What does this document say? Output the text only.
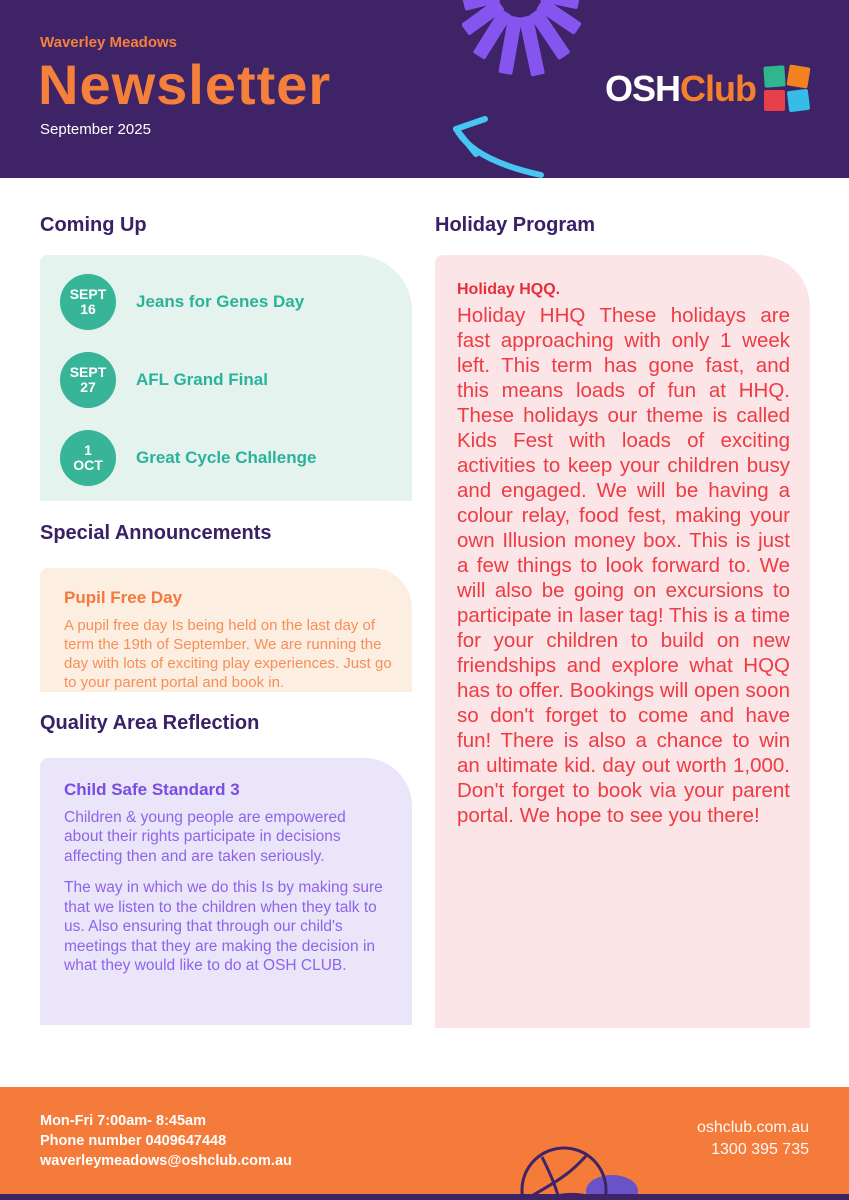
Waverley Meadows
Newsletter
September 2025
OSHClub
Coming Up
SEPT
16 Jeans for Genes Day
SEPT
27 AFL Grand Final
1
OCT Great Cycle Challenge
Special Announcements

Pupil Free Day

A pupil free day Is being held on the last day of term the 19th of September. We are running the day with lots of exciting play experiences. Just go to your parent portal and book in.

Quality Area Reflection

Child Safe Standard 3

Children & young people are empowered about their rights participate in decisions affecting then and are taken seriously.

The way in which we do this Is by making sure that we listen to the children when they talk to us. Also ensuring that through our child's meetings that they are making the decision in what they would like to do at OSH CLUB.

Holiday Program

Holiday HQQ.

Holiday HHQ These holidays are fast approaching with only 1 week left. This term has gone fast, and this means loads of fun at HHQ. These holidays our theme is called Kids Fest with loads of exciting activities to keep your children busy and engaged. We will be having a colour relay, food fest, making your own Illusion money box. This is just a few things to look forward to. We will also be going on excursions to participate in laser tag! This is a time for your children to build on new friendships and explore what HQQ has to offer. Bookings will open soon so don't forget to come and have fun! There is also a chance to win an ultimate kid. day out worth 1,000. Don't forget to book via your parent portal. We hope to see you there!

Mon-Fri 7:00am- 8:45am
Phone number 0409647448
waverleymeadows@oshclub.com.au
oshclub.com.au
1300 395 735
